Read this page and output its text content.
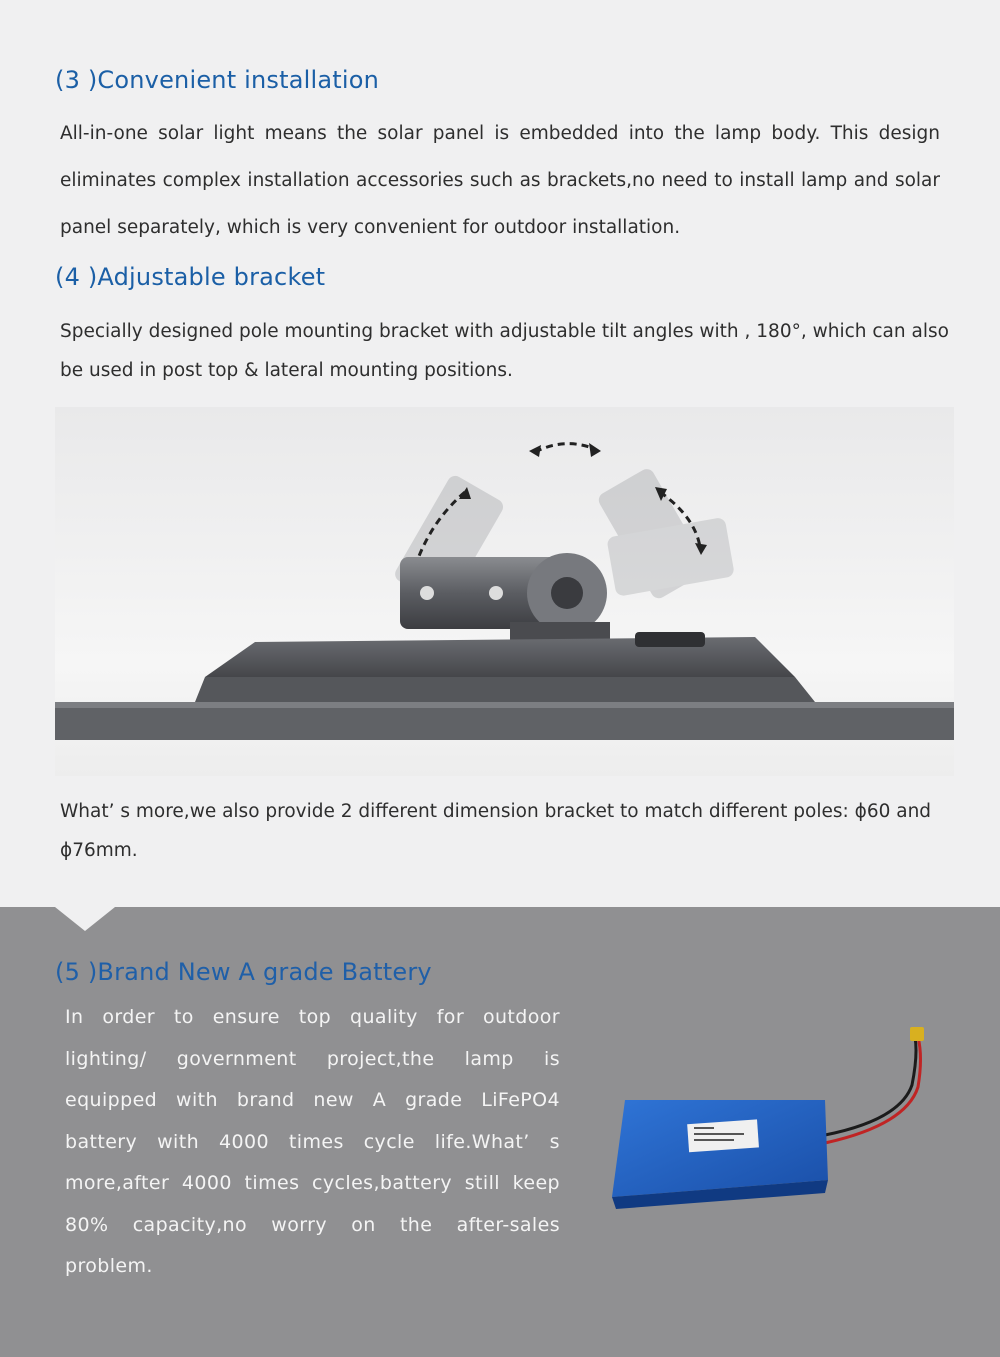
(3 )Convenient installation

All-in-one solar light means the solar panel is embedded into the lamp body. This design eliminates complex installation accessories such as brackets,no need to install lamp and solar panel separately, which is very convenient for outdoor installation.

(4 )Adjustable bracket

Specially designed pole mounting bracket with adjustable tilt angles with , 180°, which can also be used in post top & lateral mounting positions.

What’ s more,we also provide 2 different dimension bracket to match different poles: ϕ60 and ϕ76mm.

(5 )Brand New A grade Battery

In order to ensure top quality for outdoor lighting/ government project,the lamp is equipped with brand new A grade LiFePO4 battery with 4000 times cycle life.What’ s more,after 4000 times cycles,battery still keep 80% capacity,no worry on the after-sales problem.
